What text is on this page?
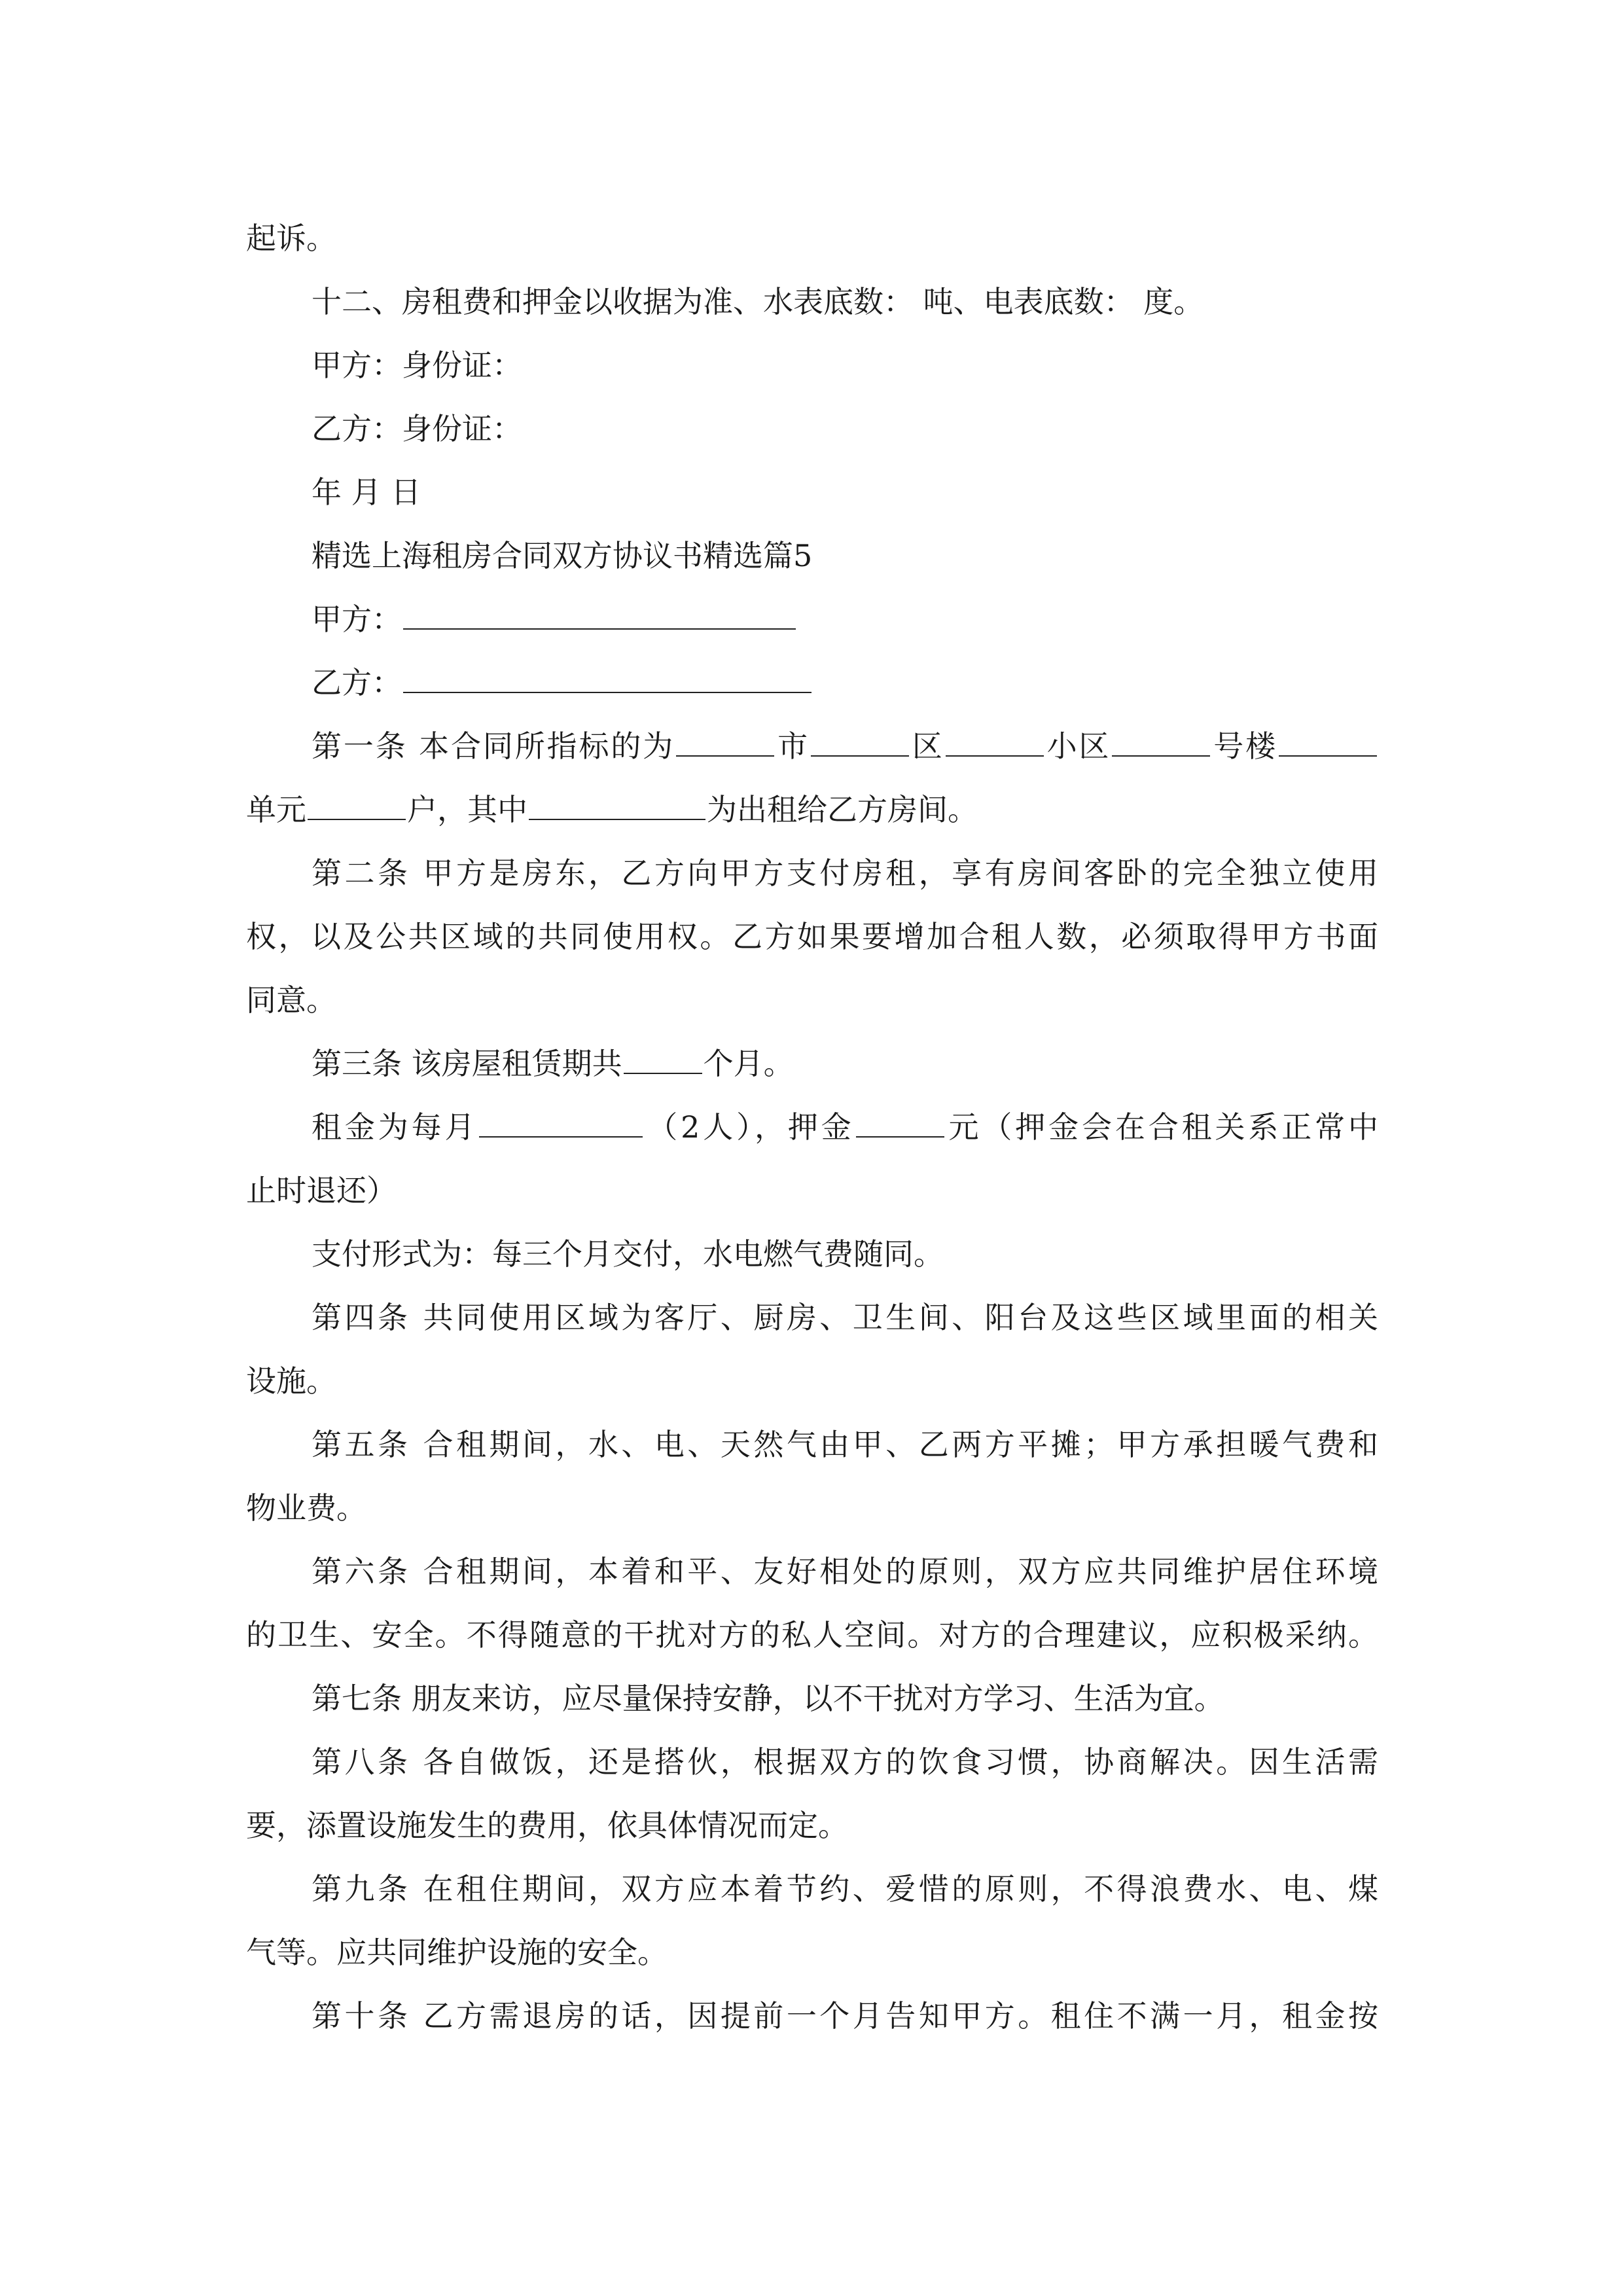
起诉。
十二、房租费和押金以收据为准、水表底数： 吨、电表底数： 度。
甲方：身份证：
乙方：身份证：
年 月 日
精选上海租房合同双方协议书精选篇5
甲方：
乙方：
第一条 本合同所指标的为	市	区	小区	号楼
单元	户，其中	为出租给乙方房间。
第二条 甲方是房东，乙方向甲方支付房租，享有房间客卧的完全独立使用
权，以及公共区域的共同使用权。乙方如果要增加合租人数，必须取得甲方书面
同意。
第三条 该房屋租赁期共	个月。
租金为每月	（2人），押金	元（押金会在合租关系正常中
止时退还）
支付形式为：每三个月交付，水电燃气费随同。
第四条 共同使用区域为客厅、厨房、卫生间、阳台及这些区域里面的相关
设施。
第五条 合租期间，水、电、天然气由甲、乙两方平摊；甲方承担暖气费和
物业费。
第六条 合租期间，本着和平、友好相处的原则，双方应共同维护居住环境
的卫生、安全。不得随意的干扰对方的私人空间。对方的合理建议，应积极采纳。
第七条 朋友来访，应尽量保持安静，以不干扰对方学习、生活为宜。
第八条 各自做饭，还是搭伙，根据双方的饮食习惯，协商解决。因生活需
要，添置设施发生的费用，依具体情况而定。
第九条 在租住期间，双方应本着节约、爱惜的原则，不得浪费水、电、煤
气等。应共同维护设施的安全。
第十条 乙方需退房的话，因提前一个月告知甲方。租住不满一月，租金按
